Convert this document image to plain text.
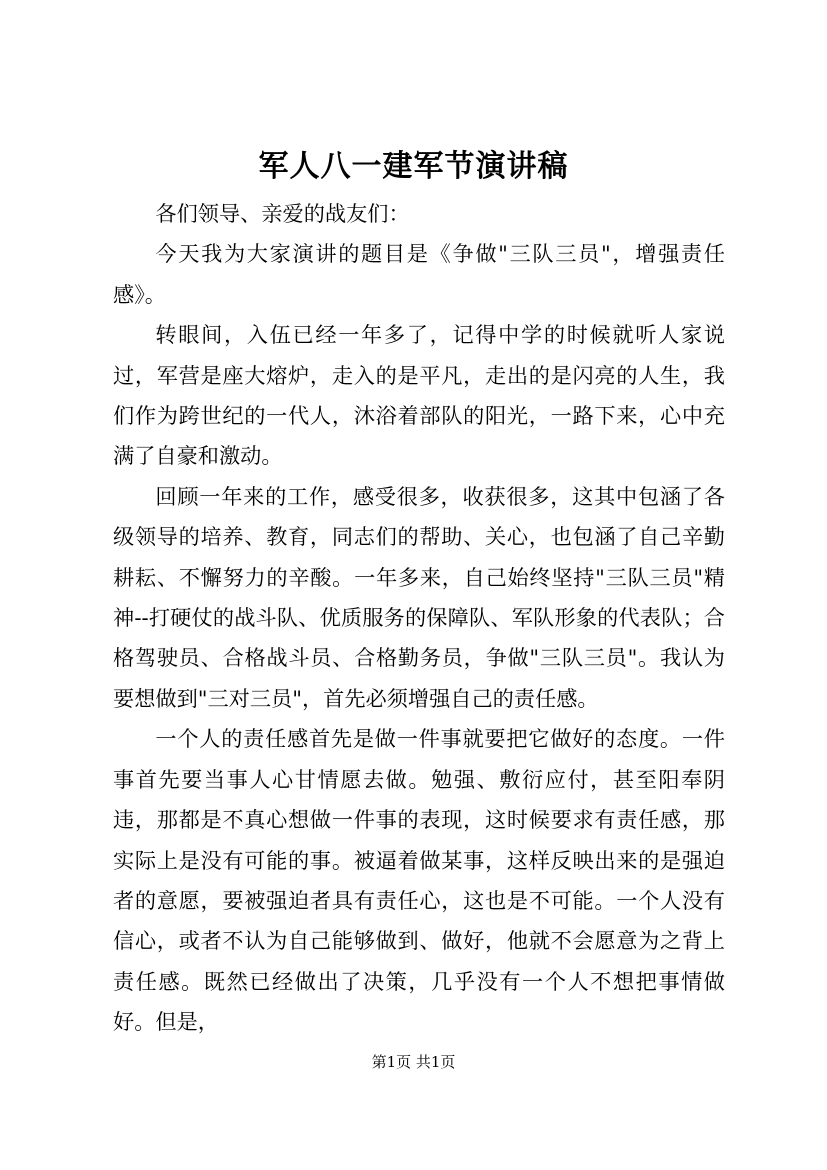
军人八一建军节演讲稿

各们领导、亲爱的战友们：

今天我为大家演讲的题目是《争做"三队三员"，增强责任感》。

转眼间，入伍已经一年多了，记得中学的时候就听人家说过，军营是座大熔炉，走入的是平凡，走出的是闪亮的人生，我们作为跨世纪的一代人，沐浴着部队的阳光，一路下来，心中充满了自豪和激动。

回顾一年来的工作，感受很多，收获很多，这其中包涵了各级领导的培养、教育，同志们的帮助、关心，也包涵了自己辛勤耕耘、不懈努力的辛酸。一年多来，自己始终坚持"三队三员"精神--打硬仗的战斗队、优质服务的保障队、军队形象的代表队；合格驾驶员、合格战斗员、合格勤务员，争做"三队三员"。我认为要想做到"三对三员"，首先必须增强自己的责任感。

一个人的责任感首先是做一件事就要把它做好的态度。一件事首先要当事人心甘情愿去做。勉强、敷衍应付，甚至阳奉阴违，那都是不真心想做一件事的表现，这时候要求有责任感，那实际上是没有可能的事。被逼着做某事，这样反映出来的是强迫者的意愿，要被强迫者具有责任心，这也是不可能。一个人没有信心，或者不认为自己能够做到、做好，他就不会愿意为之背上责任感。既然已经做出了决策，几乎没有一个人不想把事情做好。但是，

第1页 共1页
